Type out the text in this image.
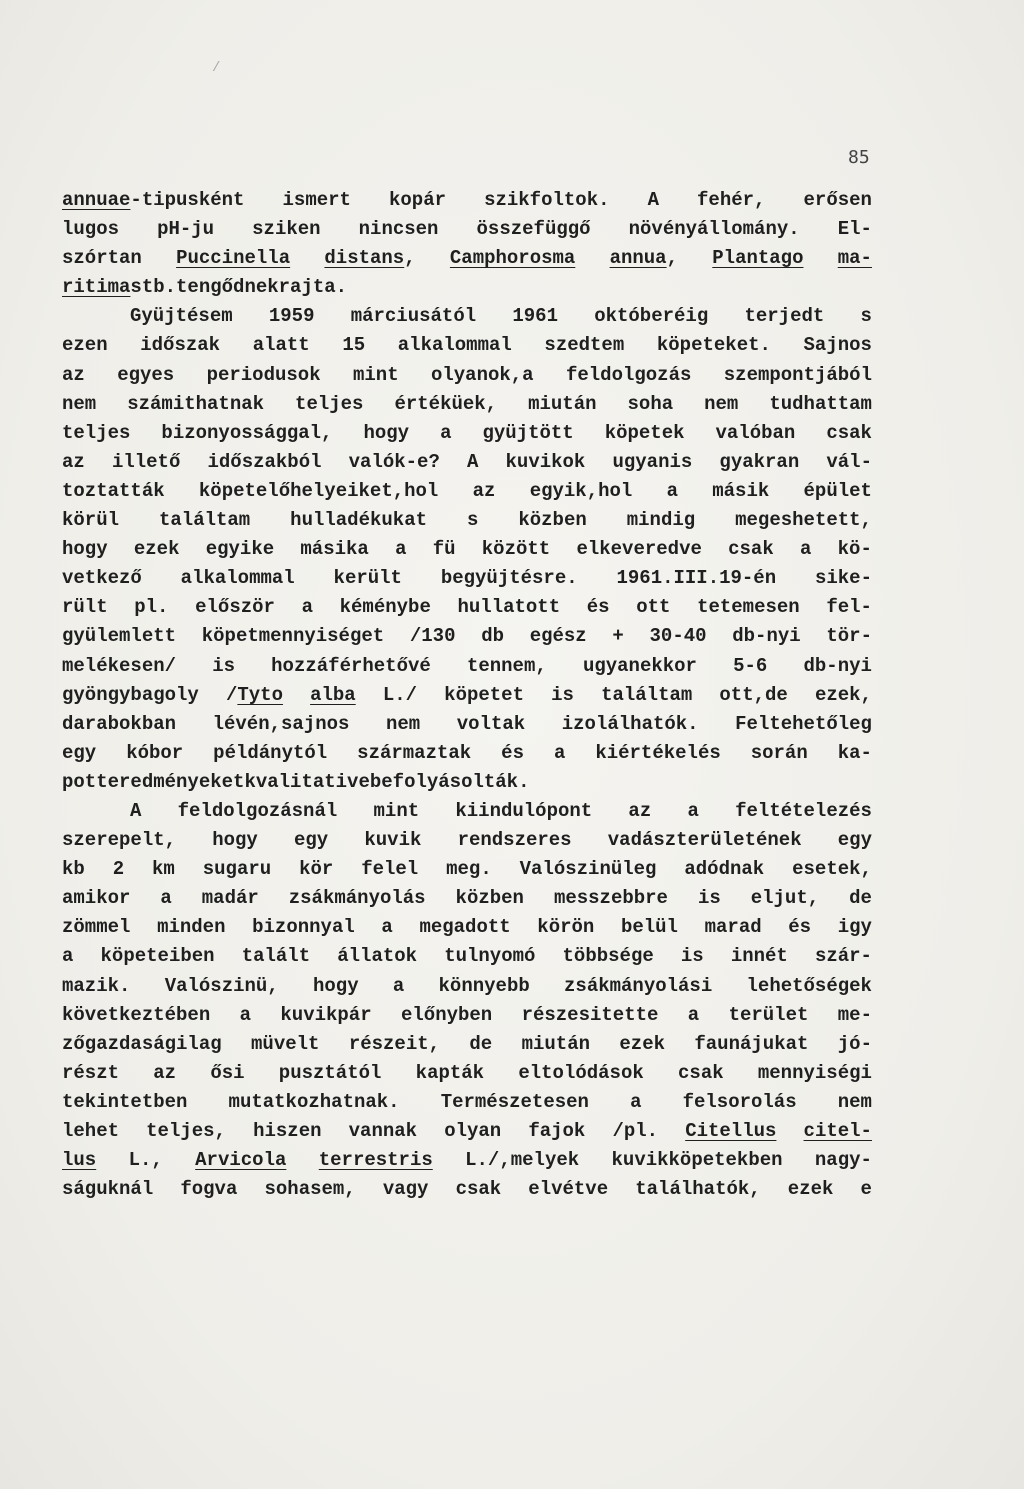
85
/
annuae-tipusként ismert kopár szikfoltok. A fehér, erősen
lugos pH-ju sziken nincsen összefüggő növényállomány. El-
szórtan Puccinella distans, Camphorosma annua, Plantago ma-
ritima stb. tengődnek rajta.
Gyüjtésem 1959 márciusától 1961 októberéig terjedt s
ezen időszak alatt 15 alkalommal szedtem köpeteket. Sajnos
az egyes periodusok mint olyanok,a feldolgozás szempontjából
nem számithatnak teljes értéküek, miután soha nem tudhattam
teljes bizonyossággal, hogy a gyüjtött köpetek valóban csak
az illető időszakból valók-e? A kuvikok ugyanis gyakran vál-
toztatták köpetelőhelyeiket,hol az egyik,hol a másik épület
körül találtam hulladékukat s közben mindig megeshetett,
hogy ezek egyike másika a fü között elkeveredve csak a kö-
vetkező alkalommal került begyüjtésre. 1961.III.19-én sike-
rült pl. először a kéménybe hullatott és ott tetemesen fel-
gyülemlett köpetmennyiséget /130 db egész + 30-40 db-nyi tör-
melékesen/ is hozzáférhetővé tennem, ugyanekkor 5-6 db-nyi
gyöngybagoly /Tyto alba L./ köpetet is találtam ott,de ezek,
darabokban lévén,sajnos nem voltak izolálhatók. Feltehetőleg
egy kóbor példánytól származtak és a kiértékelés során ka-
pott eredményeket kvalitative befolyásolták.
A feldolgozásnál mint kiindulópont az a feltételezés
szerepelt, hogy egy kuvik rendszeres vadászterületének egy
kb 2 km sugaru kör felel meg. Valószinüleg adódnak esetek,
amikor a madár zsákmányolás közben messzebbre is eljut, de
zömmel minden bizonnyal a megadott körön belül marad és igy
a köpeteiben talált állatok tulnyomó többsége is innét szár-
mazik. Valószinü, hogy a könnyebb zsákmányolási lehetőségek
következtében a kuvikpár előnyben részesitette a terület me-
zőgazdaságilag müvelt részeit, de miután ezek faunájukat jó-
részt az ősi pusztától kapták eltolódások csak mennyiségi
tekintetben mutatkozhatnak. Természetesen a felsorolás nem
lehet teljes, hiszen vannak olyan fajok /pl. Citellus citel-
lus L., Arvicola terrestris L./,melyek kuvikköpetekben nagy-
ságuknál fogva sohasem, vagy csak elvétve találhatók, ezek e
